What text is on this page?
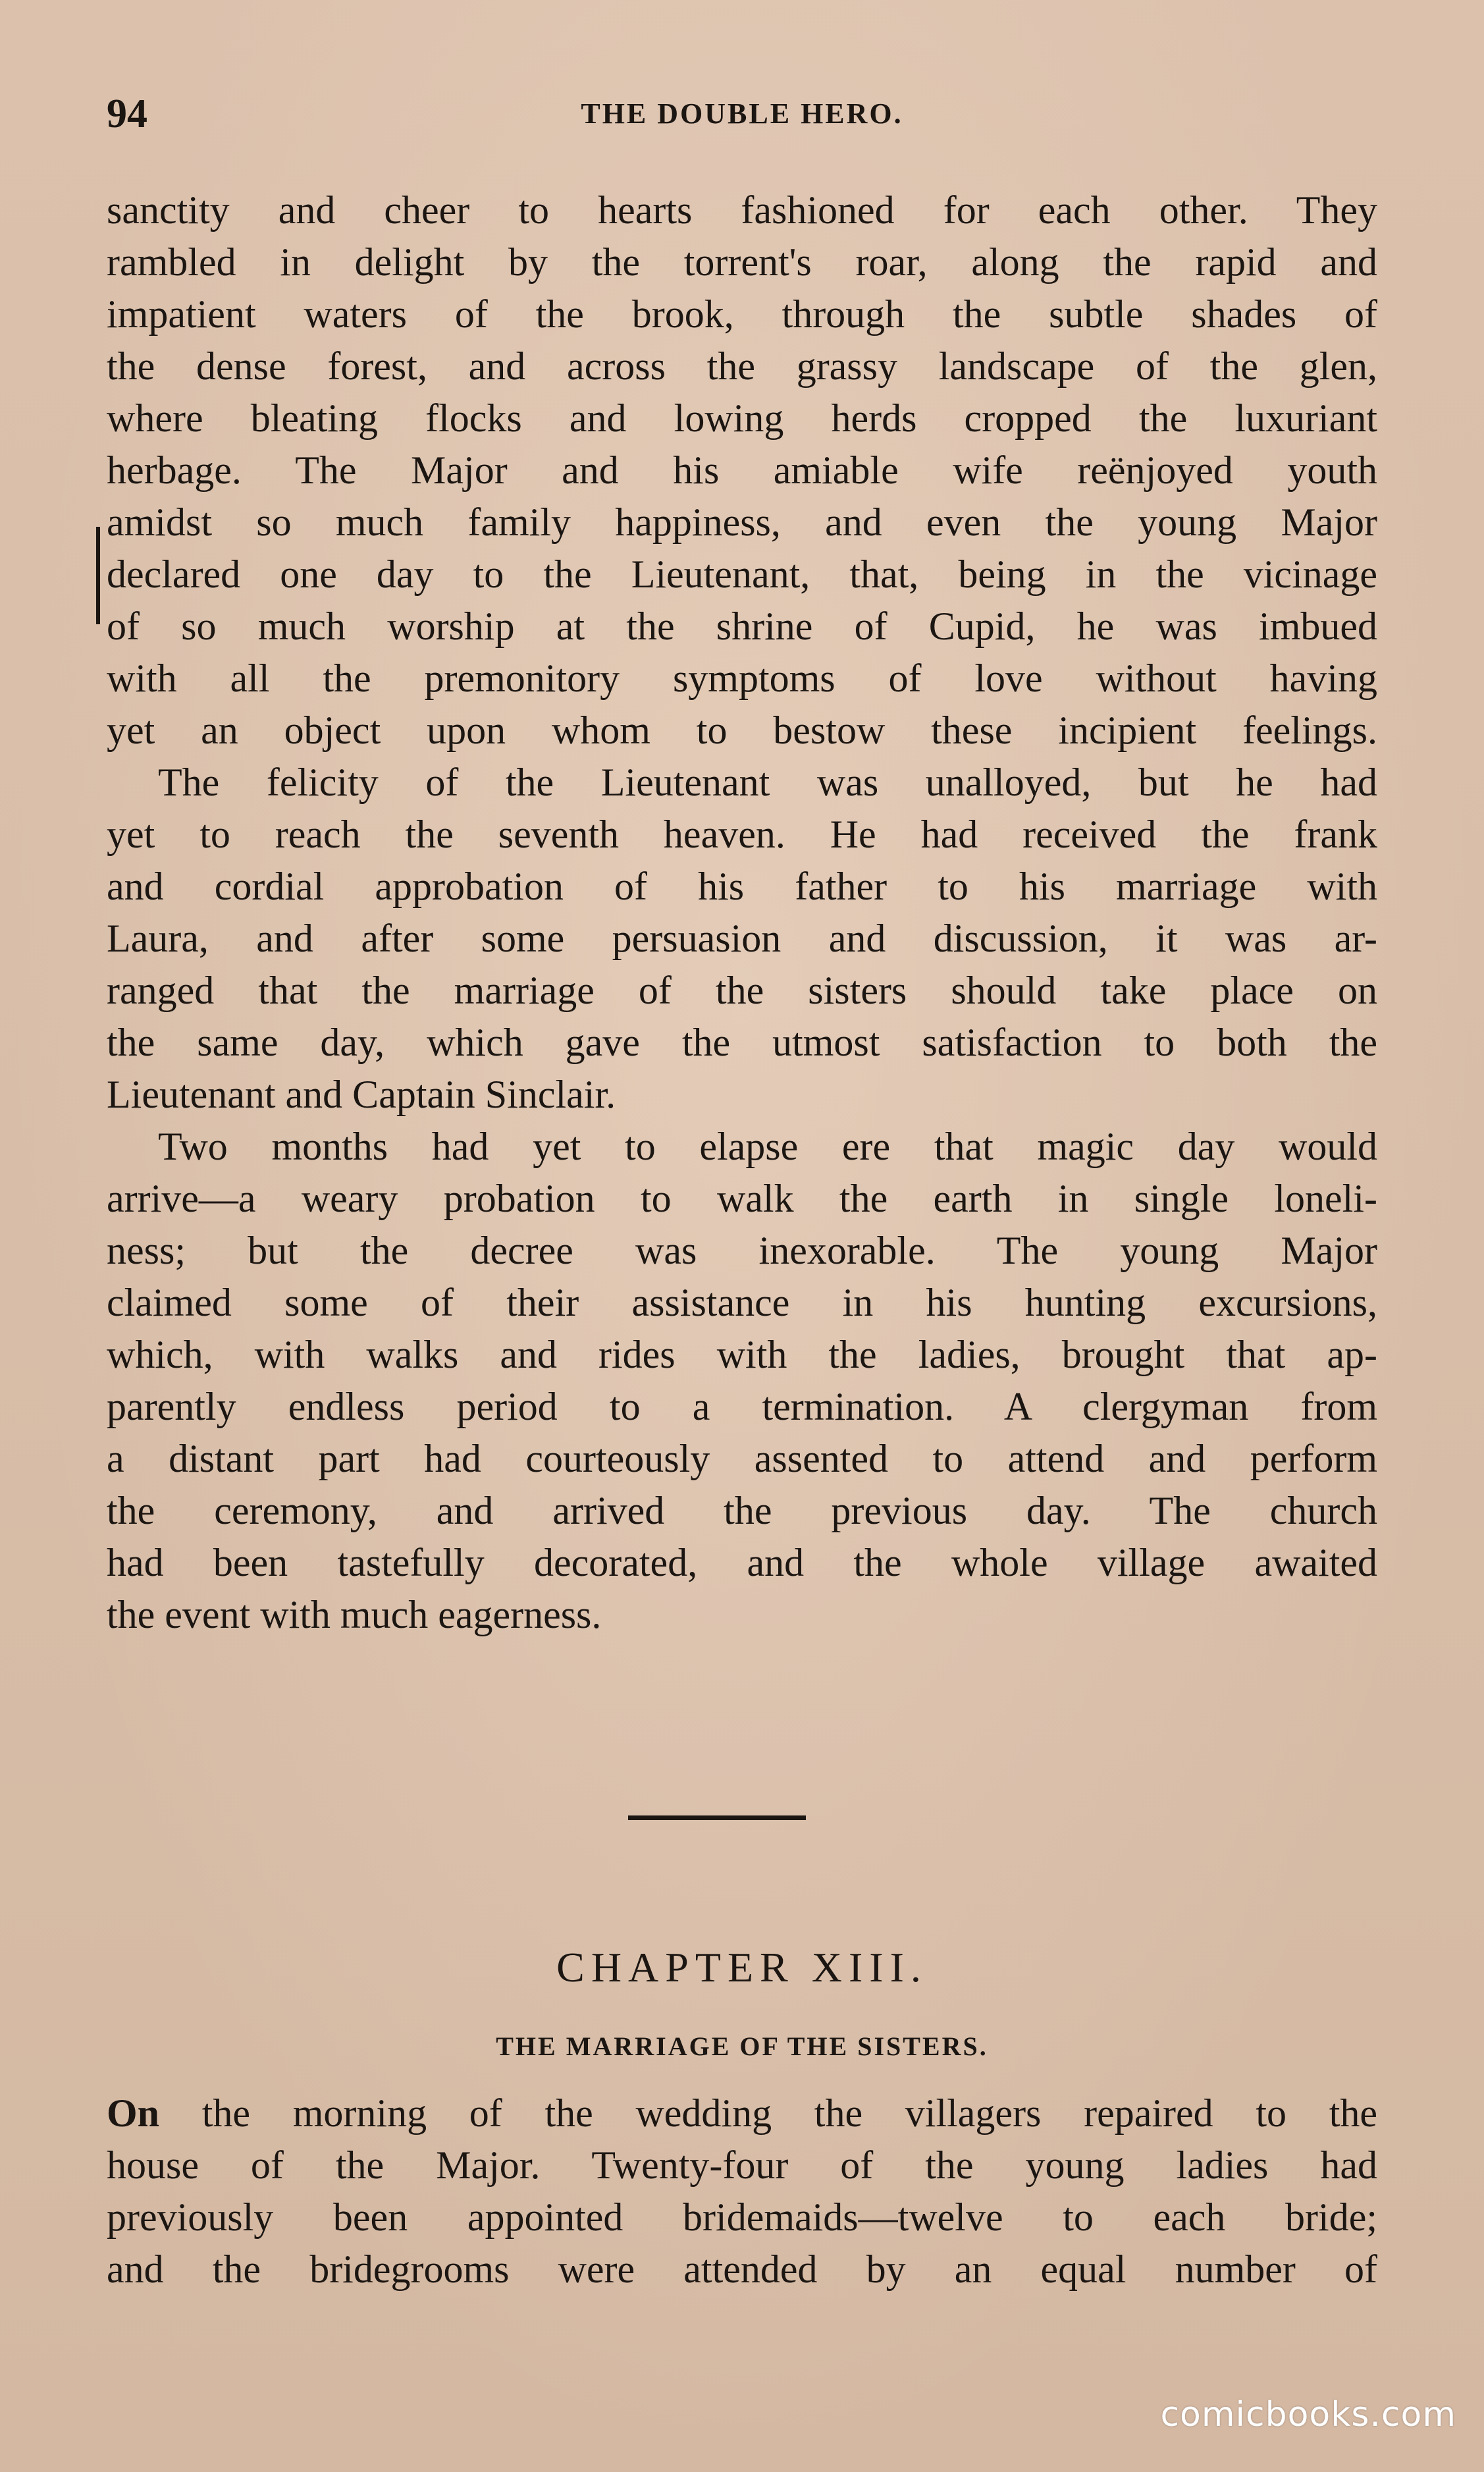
94	THE DOUBLE HERO.
sanctity and cheer to hearts fashioned for each other. They
rambled in delight by the torrent's roar, along the rapid and
impatient waters of the brook, through the subtle shades of
the dense forest, and across the grassy landscape of the glen,
where bleating flocks and lowing herds cropped the luxuriant
herbage. The Major and his amiable wife reënjoyed youth
amidst so much family happiness, and even the young Major
declared one day to the Lieutenant, that, being in the vicinage
of so much worship at the shrine of Cupid, he was imbued
with all the premonitory symptoms of love without having
yet an object upon whom to bestow these incipient feelings.
The felicity of the Lieutenant was unalloyed, but he had
yet to reach the seventh heaven. He had received the frank
and cordial approbation of his father to his marriage with
Laura, and after some persuasion and discussion, it was ar-
ranged that the marriage of the sisters should take place on
the same day, which gave the utmost satisfaction to both the
Lieutenant and Captain Sinclair.
Two months had yet to elapse ere that magic day would
arrive—a weary probation to walk the earth in single loneli-
ness; but the decree was inexorable. The young Major
claimed some of their assistance in his hunting excursions,
which, with walks and rides with the ladies, brought that ap-
parently endless period to a termination. A clergyman from
a distant part had courteously assented to attend and perform
the ceremony, and arrived the previous day. The church
had been tastefully decorated, and the whole village awaited
the event with much eagerness.
CHAPTER XIII.
THE MARRIAGE OF THE SISTERS.
On the morning of the wedding the villagers repaired to the
house of the Major. Twenty-four of the young ladies had
previously been appointed bridemaids—twelve to each bride;
and the bridegrooms were attended by an equal number of
comicbooks.com
